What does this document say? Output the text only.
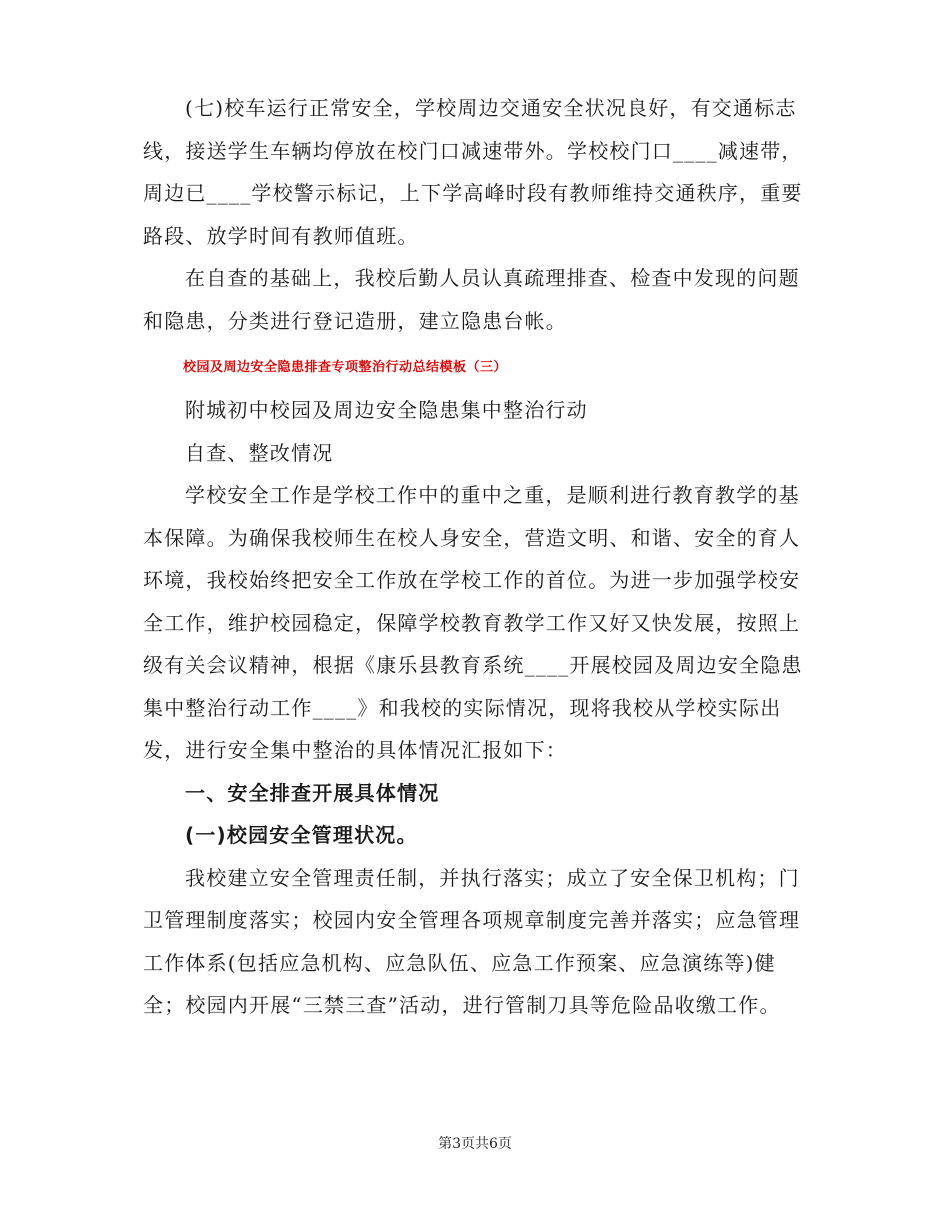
(七)校车运行正常安全，学校周边交通安全状况良好，有交通标志线，接送学生车辆均停放在校门口减速带外。学校校门口____减速带，周边已____学校警示标记，上下学高峰时段有教师维持交通秩序，重要路段、放学时间有教师值班。

在自查的基础上，我校后勤人员认真疏理排查、检查中发现的问题和隐患，分类进行登记造册，建立隐患台帐。

校园及周边安全隐患排查专项整治行动总结模板（三）

附城初中校园及周边安全隐患集中整治行动

自查、整改情况

学校安全工作是学校工作中的重中之重，是顺利进行教育教学的基本保障。为确保我校师生在校人身安全，营造文明、和谐、安全的育人环境，我校始终把安全工作放在学校工作的首位。为进一步加强学校安全工作，维护校园稳定，保障学校教育教学工作又好又快发展，按照上级有关会议精神，根据《康乐县教育系统____开展校园及周边安全隐患集中整治行动工作____》和我校的实际情况，现将我校从学校实际出发，进行安全集中整治的具体情况汇报如下：

一、安全排查开展具体情况

(一)校园安全管理状况。

我校建立安全管理责任制，并执行落实；成立了安全保卫机构；门卫管理制度落实；校园内安全管理各项规章制度完善并落实；应急管理工作体系(包括应急机构、应急队伍、应急工作预案、应急演练等)健全；校园内开展“三禁三查”活动，进行管制刀具等危险品收缴工作。

第3页共6页
